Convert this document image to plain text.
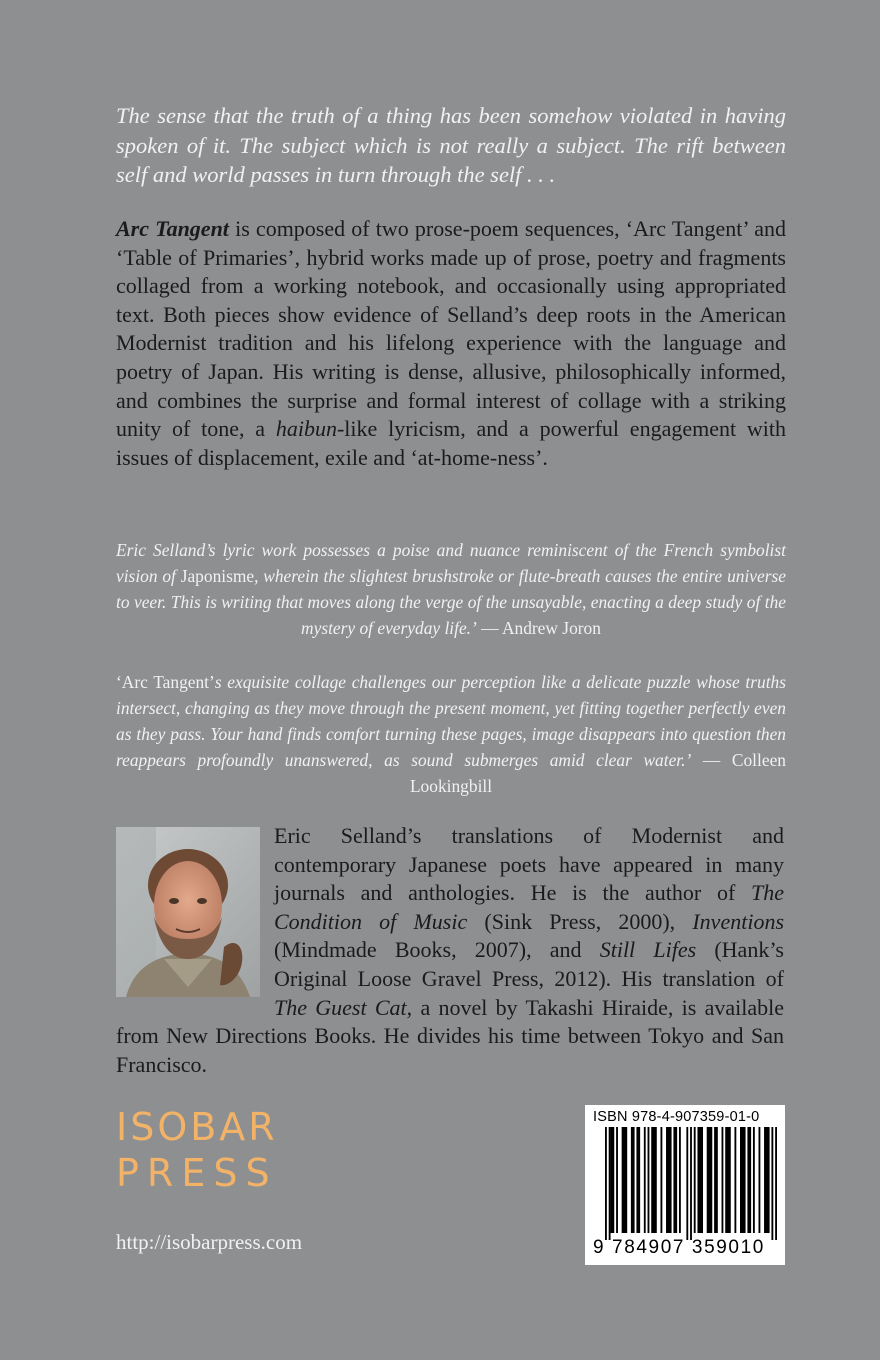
The sense that the truth of a thing has been somehow violated in having spoken of it. The subject which is not really a subject. The rift between self and world passes in turn through the self . . .
Arc Tangent is composed of two prose-poem sequences, ‘Arc Tangent’ and ‘Table of Primaries’, hybrid works made up of prose, poetry and fragments collaged from a working notebook, and occasionally using appropriated text. Both pieces show evidence of Selland’s deep roots in the American Modernist tradition and his lifelong experience with the language and poetry of Japan. His writing is dense, allusive, philosophically informed, and combines the surprise and formal interest of collage with a striking unity of tone, a haibun-like lyricism, and a powerful engagement with issues of displacement, exile and ‘at-home-ness’.
Eric Selland’s lyric work possesses a poise and nuance reminiscent of the French symbolist vision of Japonisme, wherein the slightest brushstroke or flute-breath causes the entire universe to veer. This is writing that moves along the verge of the unsayable, enacting a deep study of the mystery of everyday life.’ — Andrew Joron
‘Arc Tangent’s exquisite collage challenges our perception like a delicate puzzle whose truths intersect, changing as they move through the present moment, yet fitting together perfectly even as they pass. Your hand finds comfort turning these pages, image disappears into question then reappears profoundly unanswered, as sound submerges amid clear water.’ — Colleen Lookingbill
Eric Selland’s translations of Modernist and contemporary Japanese poets have appeared in many journals and anthologies. He is the author of The Condition of Music (Sink Press, 2000), Inventions (Mindmade Books, 2007), and Still Lifes (Hank’s Original Loose Gravel Press, 2012). His translation of The Guest Cat, a novel by Takashi Hiraide, is available from New Directions Books. He divides his time between Tokyo and San Francisco.
ISOBAR
PRESS
http://isobarpress.com
ISBN 978-4-907359-01-0
9 784907 359010
